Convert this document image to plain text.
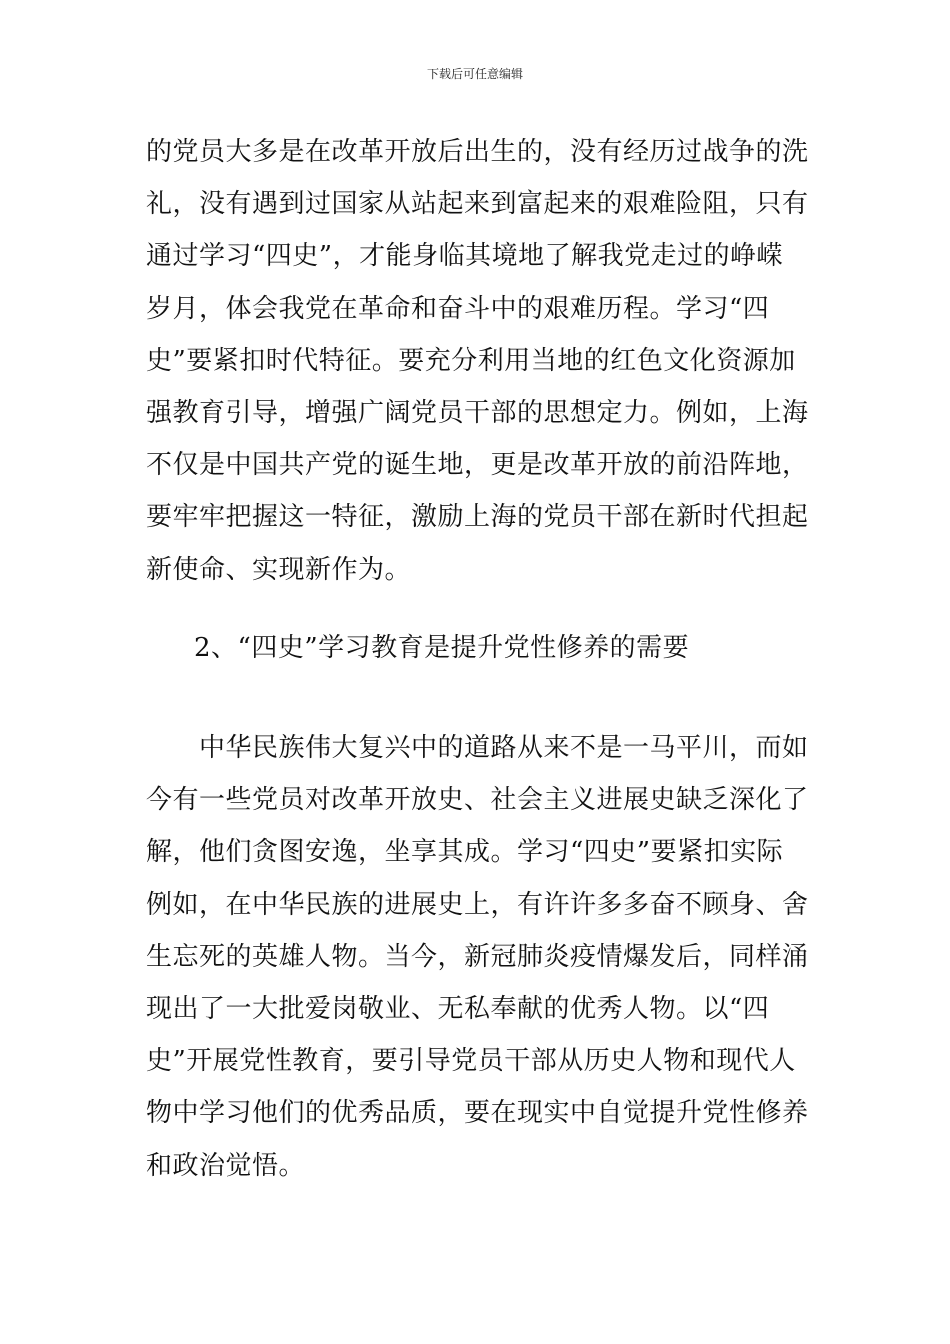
下载后可任意编辑
的党员大多是在改革开放后出生的，没有经历过战争的洗
礼，没有遇到过国家从站起来到富起来的艰难险阻，只有
通过学习“四史”，才能身临其境地了解我党走过的峥嵘
岁月，体会我党在革命和奋斗中的艰难历程。学习“四
史”要紧扣时代特征。要充分利用当地的红色文化资源加
强教育引导，增强广阔党员干部的思想定力。例如，上海
不仅是中国共产党的诞生地，更是改革开放的前沿阵地，
要牢牢把握这一特征，激励上海的党员干部在新时代担起
新使命、实现新作为。
2、“四史”学习教育是提升党性修养的需要
　　中华民族伟大复兴中的道路从来不是一马平川，而如
今有一些党员对改革开放史、社会主义进展史缺乏深化了
解，他们贪图安逸，坐享其成。学习“四史”要紧扣实际
例如，在中华民族的进展史上，有许许多多奋不顾身、舍
生忘死的英雄人物。当今，新冠肺炎疫情爆发后，同样涌
现出了一大批爱岗敬业、无私奉献的优秀人物。以“四
史”开展党性教育，要引导党员干部从历史人物和现代人
物中学习他们的优秀品质，要在现实中自觉提升党性修养
和政治觉悟。
